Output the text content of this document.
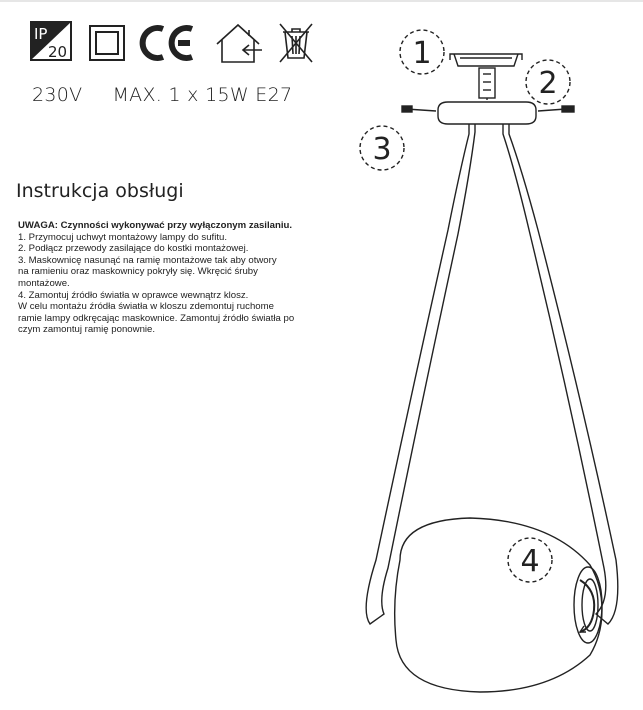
IP
20
230V MAX. 1 x 15W E27
Instrukcja obsługi
UWAGA: Czynności wykonywać przy wyłączonym zasilaniu.
1. Przymocuj uchwyt montażowy lampy do sufitu.
2. Podłącz przewody zasilające do kostki montażowej.
3. Maskownicę nasunąć na ramię montażowe tak aby otwory
na ramieniu oraz maskownicy pokryły się. Wkręcić śruby
montażowe.
4. Zamontuj źródło światła w oprawce wewnątrz klosz.
W celu montażu źródła światła w kloszu zdemontuj ruchome
ramie lampy odkręcając maskownice. Zamontuj źródło światła po
czym zamontuj ramię ponownie.
1
2
3
4
